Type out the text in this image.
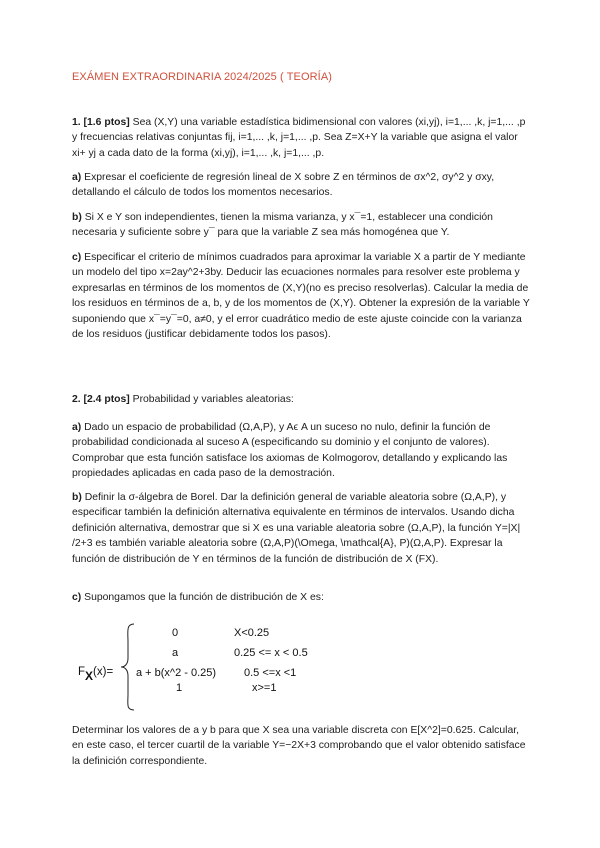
EXÁMEN EXTRAORDINARIA 2024/2025 ( TEORÍA)
1. [1.6 ptos] Sea (X,Y) una variable estadística bidimensional con valores (xi,yj), i=1,... ,k, j=1,... ,p y frecuencias relativas conjuntas fij, i=1,... ,k, j=1,... ,p. Sea Z=X+Y la variable que asigna el valor xi+ yj a cada dato de la forma (xi,yj), i=1,... ,k, j=1,... ,p.
a) Expresar el coeficiente de regresión lineal de X sobre Z en términos de σx^2, σy^2 y σxy, detallando el cálculo de todos los momentos necesarios.
b) Si X e Y son independientes, tienen la misma varianza, y x¯=1, establecer una condición necesaria y suficiente sobre y¯ para que la variable Z sea más homogénea que Y.
c) Especificar el criterio de mínimos cuadrados para aproximar la variable X a partir de Y mediante un modelo del tipo x=2ay^2+3by. Deducir las ecuaciones normales para resolver este problema y expresarlas en términos de los momentos de (X,Y)(no es preciso resolverlas). Calcular la media de los residuos en términos de a, b, y de los momentos de (X,Y). Obtener la expresión de la variable Y suponiendo que x¯=y¯=0, a≠0, y el error cuadrático medio de este ajuste coincide con la varianza de los residuos (justificar debidamente todos los pasos).
2. [2.4 ptos] Probabilidad y variables aleatorias:
a) Dado un espacio de probabilidad (Ω,A,P), y Aϵ A un suceso no nulo, definir la función de probabilidad condicionada al suceso A (especificando su dominio y el conjunto de valores). Comprobar que esta función satisface los axiomas de Kolmogorov, detallando y explicando las propiedades aplicadas en cada paso de la demostración.
b) Definir la σ-álgebra de Borel. Dar la definición general de variable aleatoria sobre (Ω,A,P), y especificar también la definición alternativa equivalente en términos de intervalos. Usando dicha definición alternativa, demostrar que si X es una variable aleatoria sobre (Ω,A,P), la función Y=|X| /2+3 es también variable aleatoria sobre (Ω,A,P)(\Omega, \mathcal{A}, P)(Ω,A,P). Expresar la función de distribución de Y en términos de la función de distribución de X (FX).
c) Supongamos que la función de distribución de X es:
FX(x)=
0	X<0.25
a	0.25 <= x < 0.5
a + b(x^2 - 0.25)	0.5 <=x <1
1	x>=1
Determinar los valores de a y b para que X sea una variable discreta con E[X^2]=0.625. Calcular, en este caso, el tercer cuartil de la variable Y=−2X+3 comprobando que el valor obtenido satisface la definición correspondiente.
